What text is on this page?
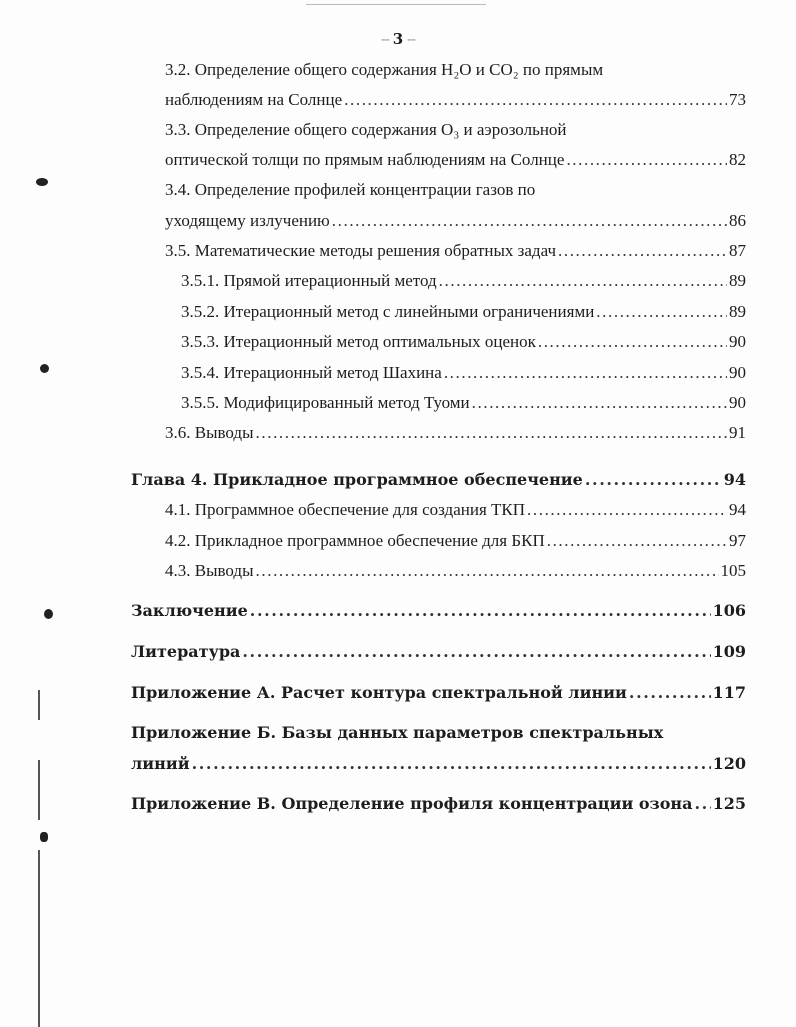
-- 3 --
3.2. Определение общего содержания H₂O и CO₂ по прямым
наблюдениям на Солнце .....	73
3.3. Определение общего содержания O₃ и аэрозольной
оптической толщи по прямым наблюдениям на Солнце .....	82
3.4. Определение профилей концентрации газов по
уходящему излучению .....	86
3.5. Математические методы решения обратных задач .....	87
3.5.1. Прямой итерационный метод .....	89
3.5.2. Итерационный метод с линейными ограничениями .....	89
3.5.3. Итерационный метод оптимальных оценок .....	90
3.5.4. Итерационный метод Шахина .....	90
3.5.5. Модифицированный метод Туоми .....	90
3.6. Выводы .....	91
Глава 4. Прикладное программное обеспечение .....	94
4.1. Программное обеспечение для создания ТКП .....	94
4.2. Прикладное программное обеспечение для БКП .....	97
4.3. Выводы .....	105
Заключение .....	106
Литература .....	109
Приложение А. Расчет контура спектральной линии .....	117
Приложение Б. Базы данных параметров спектральных
линий .....	120
Приложение В. Определение профиля концентрации озона ..... 125
